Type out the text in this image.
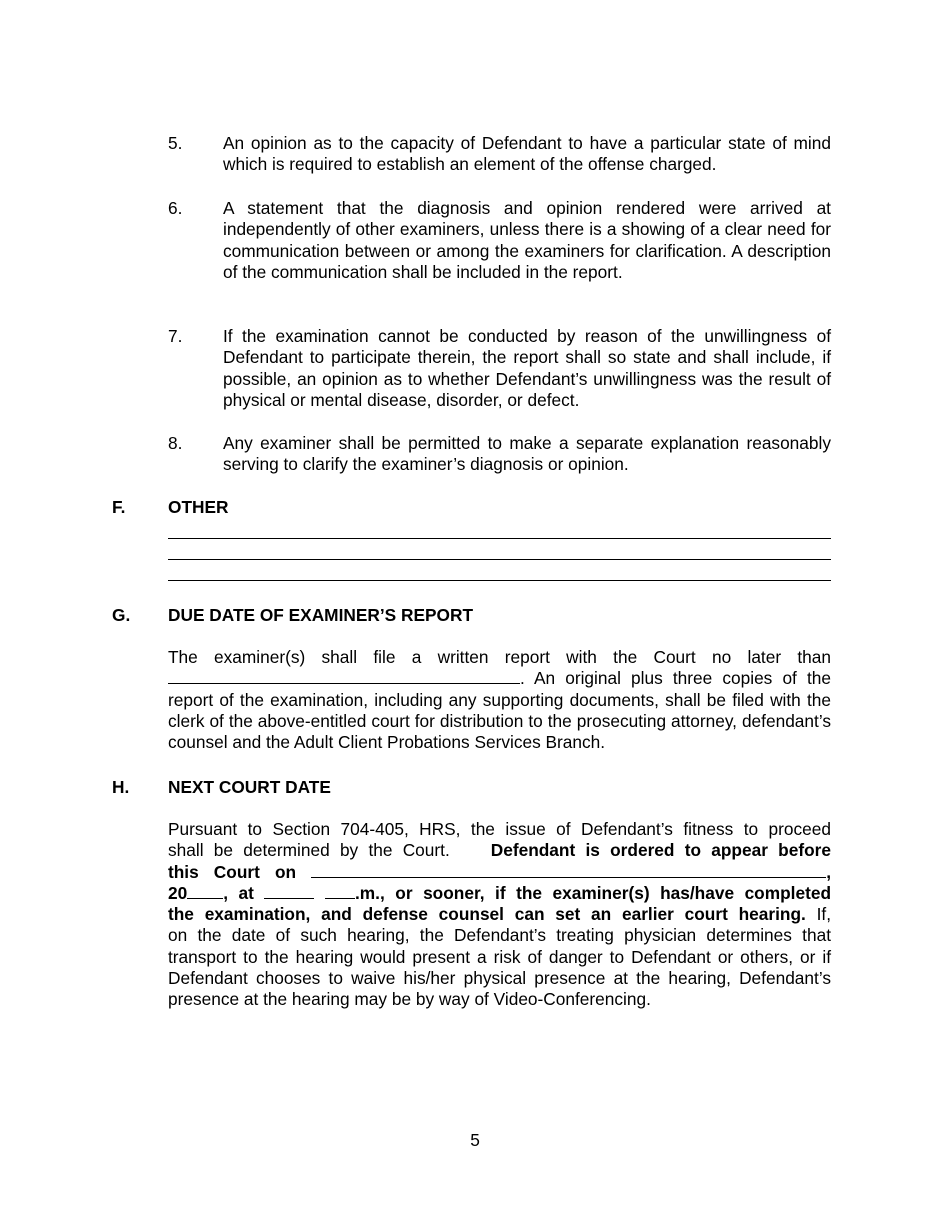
5. An opinion as to the capacity of Defendant to have a particular state of mind which is required to establish an element of the offense charged.
6. A statement that the diagnosis and opinion rendered were arrived at independently of other examiners, unless there is a showing of a clear need for communication between or among the examiners for clarification. A description of the communication shall be included in the report.
7. If the examination cannot be conducted by reason of the unwillingness of Defendant to participate therein, the report shall so state and shall include, if possible, an opinion as to whether Defendant’s unwillingness was the result of physical or mental disease, disorder, or defect.
8. Any examiner shall be permitted to make a separate explanation reasonably serving to clarify the examiner’s diagnosis or opinion.
F. OTHER
G. DUE DATE OF EXAMINER’S REPORT
The examiner(s) shall file a written report with the Court no later than . An original plus three copies of the report of the examination, including any supporting documents, shall be filed with the clerk of the above-entitled court for distribution to the prosecuting attorney, defendant’s counsel and the Adult Client Probations Services Branch.
H. NEXT COURT DATE
Pursuant to Section 704-405, HRS, the issue of Defendant’s fitness to proceed
shall be determined by the Court. Defendant is ordered to appear before
this Court on	,
20 , at	.m., or sooner, if the examiner(s) has/have completed
the examination, and defense counsel can set an earlier court hearing. If,
on the date of such hearing, the Defendant’s treating physician determines that transport to the hearing would present a risk of danger to Defendant or others, or if Defendant chooses to waive his/her physical presence at the hearing, Defendant’s presence at the hearing may be by way of Video-Conferencing.
5
